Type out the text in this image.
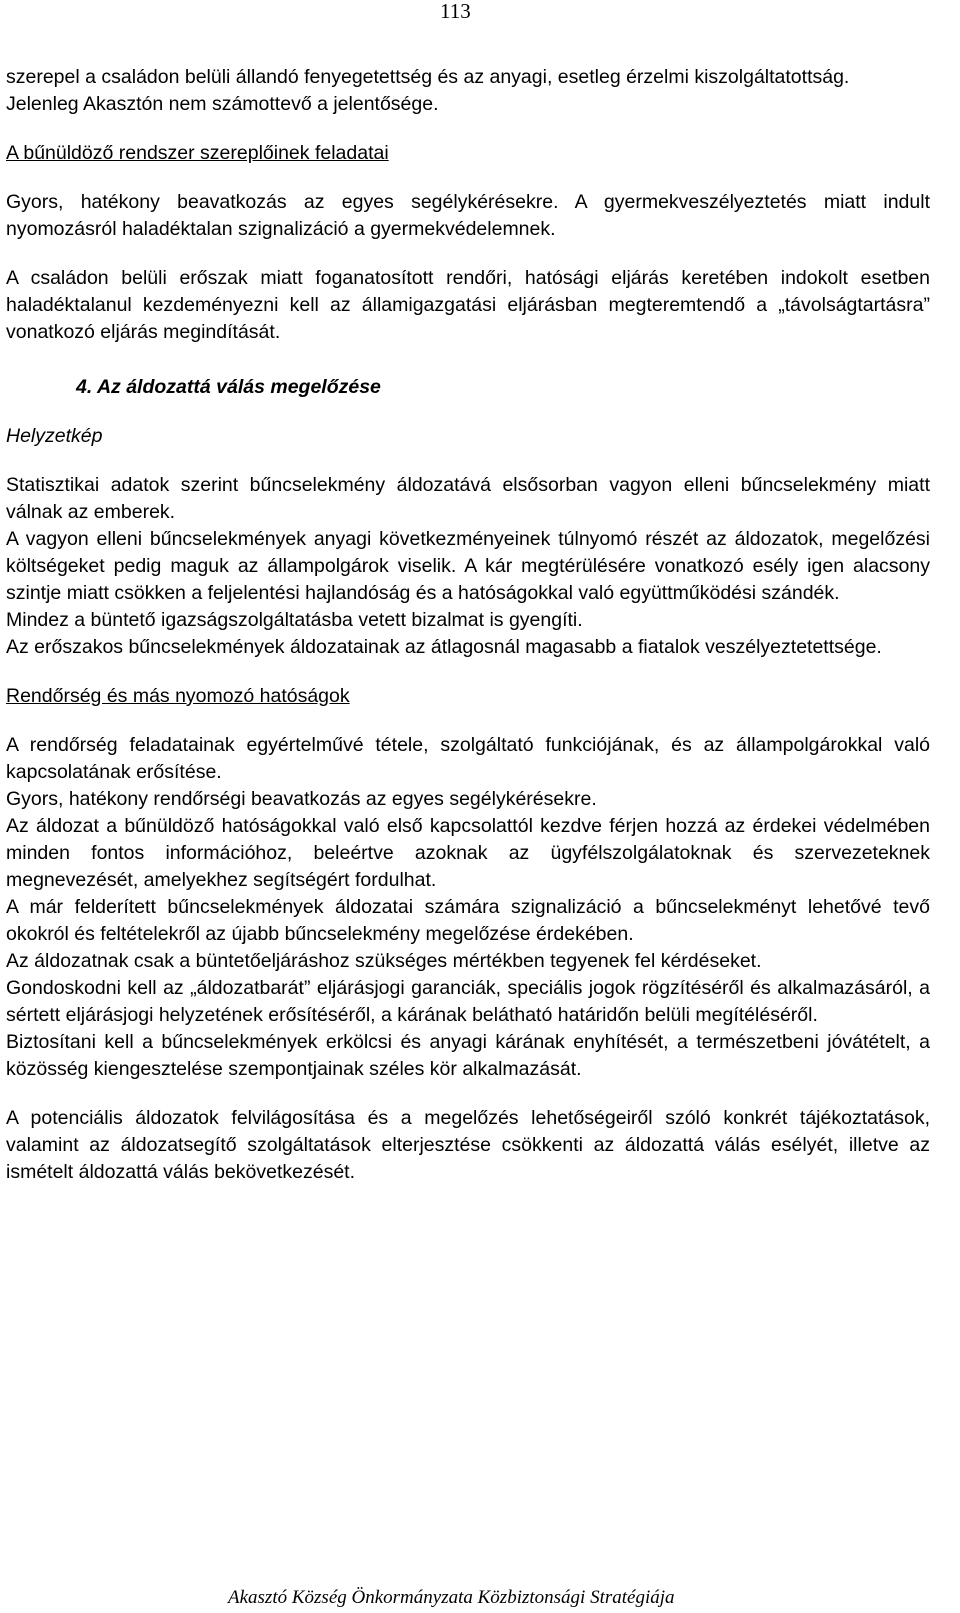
113

szerepel a családon belüli állandó fenyegetettség és az anyagi, esetleg érzelmi kiszolgáltatottság.

Jelenleg Akasztón nem számottevő a jelentősége.

A bűnüldöző rendszer szereplőinek feladatai

Gyors, hatékony beavatkozás az egyes segélykérésekre. A gyermekveszélyeztetés miatt indult nyomozásról haladéktalan szignalizáció a gyermekvédelemnek.

A családon belüli erőszak miatt foganatosított rendőri, hatósági eljárás keretében indokolt esetben haladéktalanul kezdeményezni kell az államigazgatási eljárásban megteremtendő a „távolságtartásra” vonatkozó eljárás megindítását.

4. Az áldozattá válás megelőzése

Helyzetkép

Statisztikai adatok szerint bűncselekmény áldozatává elsősorban vagyon elleni bűncselekmény miatt válnak az emberek.

A vagyon elleni bűncselekmények anyagi következményeinek túlnyomó részét az áldozatok, megelőzési költségeket pedig maguk az állampolgárok viselik. A kár megtérülésére vonatkozó esély igen alacsony szintje miatt csökken a feljelentési hajlandóság és a hatóságokkal való együttműködési szándék.

Mindez a büntető igazságszolgáltatásba vetett bizalmat is gyengíti.

Az erőszakos bűncselekmények áldozatainak az átlagosnál magasabb a fiatalok veszélyeztetettsége.

Rendőrség és más nyomozó hatóságok

A rendőrség feladatainak egyértelművé tétele, szolgáltató funkciójának, és az állampolgárokkal való kapcsolatának erősítése.

Gyors, hatékony rendőrségi beavatkozás az egyes segélykérésekre.

Az áldozat a bűnüldöző hatóságokkal való első kapcsolattól kezdve férjen hozzá az érdekei védelmében minden fontos információhoz, beleértve azoknak az ügyfélszolgálatoknak és szervezeteknek megnevezését, amelyekhez segítségért fordulhat.

A már felderített bűncselekmények áldozatai számára szignalizáció a bűncselekményt lehetővé tevő okokról és feltételekről az újabb bűncselekmény megelőzése érdekében.

Az áldozatnak csak a büntetőeljáráshoz szükséges mértékben tegyenek fel kérdéseket.

Gondoskodni kell az „áldozatbarát” eljárásjogi garanciák, speciális jogok rögzítéséről és alkalmazásáról, a sértett eljárásjogi helyzetének erősítéséről, a kárának belátható határidőn belüli megítéléséről.

Biztosítani kell a bűncselekmények erkölcsi és anyagi kárának enyhítését, a természetbeni jóvátételt, a közösség kiengesztelése szempontjainak széles kör alkalmazását.

A potenciális áldozatok felvilágosítása és a megelőzés lehetőségeiről szóló konkrét tájékoztatások, valamint az áldozatsegítő szolgáltatások elterjesztése csökkenti az áldozattá válás esélyét, illetve az ismételt áldozattá válás bekövetkezését.

Akasztó Község Önkormányzata Közbiztonsági Stratégiája
